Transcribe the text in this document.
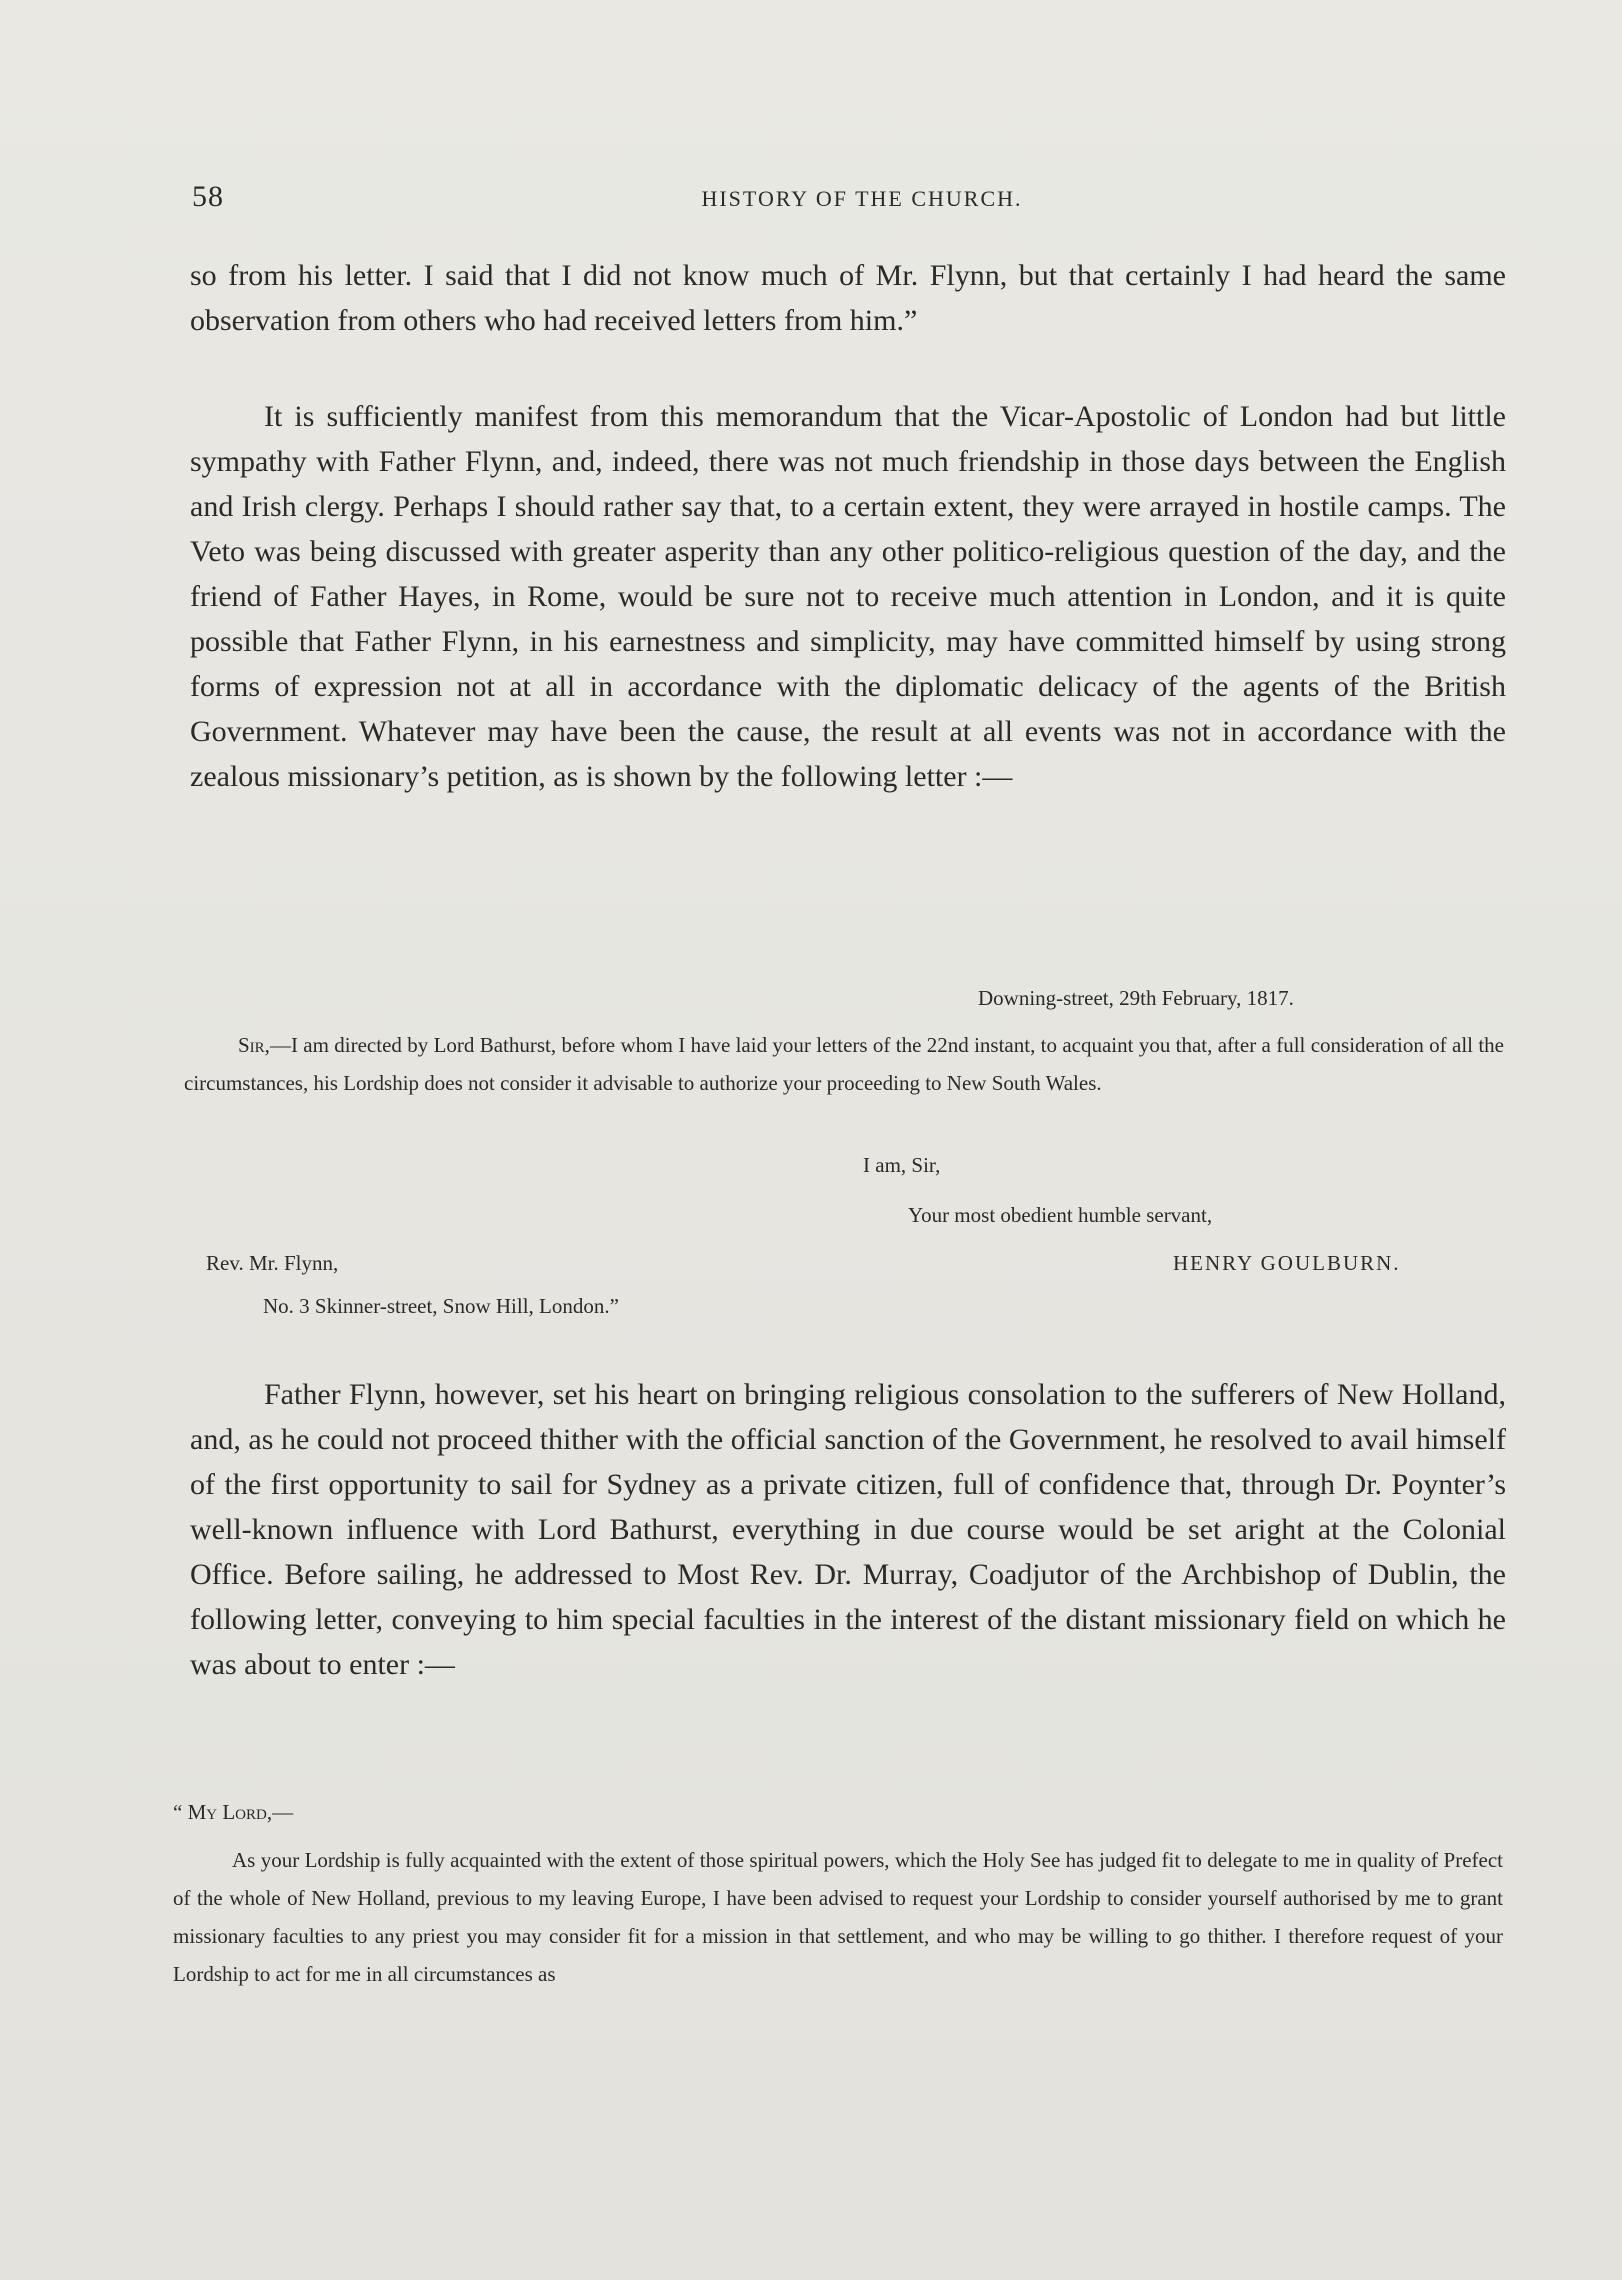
58	HISTORY OF THE CHURCH.

so from his letter. I said that I did not know much of Mr. Flynn, but that certainly I had heard the same observation from others who had received letters from him.”

It is sufficiently manifest from this memorandum that the Vicar-Apostolic of London had but little sympathy with Father Flynn, and, indeed, there was not much friendship in those days between the English and Irish clergy. Perhaps I should rather say that, to a certain extent, they were arrayed in hostile camps. The Veto was being discussed with greater asperity than any other politico-religious question of the day, and the friend of Father Hayes, in Rome, would be sure not to receive much attention in London, and it is quite possible that Father Flynn, in his earnestness and simplicity, may have committed himself by using strong forms of expression not at all in accordance with the diplomatic delicacy of the agents of the British Government. Whatever may have been the cause, the result at all events was not in accordance with the zealous missionary’s petition, as is shown by the following letter :—

Downing-street, 29th February, 1817.

Sir,—I am directed by Lord Bathurst, before whom I have laid your letters of the 22nd instant, to acquaint you that, after a full consideration of all the circumstances, his Lordship does not consider it advisable to authorize your proceeding to New South Wales.

I am, Sir,
Your most obedient humble servant,
Rev. Mr. Flynn,	HENRY GOULBURN.
No. 3 Skinner-street, Snow Hill, London.”

Father Flynn, however, set his heart on bringing religious consolation to the sufferers of New Holland, and, as he could not proceed thither with the official sanction of the Government, he resolved to avail himself of the first opportunity to sail for Sydney as a private citizen, full of confidence that, through Dr. Poynter’s well-known influence with Lord Bathurst, everything in due course would be set aright at the Colonial Office. Before sailing, he addressed to Most Rev. Dr. Murray, Coadjutor of the Archbishop of Dublin, the following letter, conveying to him special faculties in the interest of the distant missionary field on which he was about to enter :—

“ My Lord,—

As your Lordship is fully acquainted with the extent of those spiritual powers, which the Holy See has judged fit to delegate to me in quality of Prefect of the whole of New Holland, previous to my leaving Europe, I have been advised to request your Lordship to consider yourself authorised by me to grant missionary faculties to any priest you may consider fit for a mission in that settlement, and who may be willing to go thither. I therefore request of your Lordship to act for me in all circumstances as
